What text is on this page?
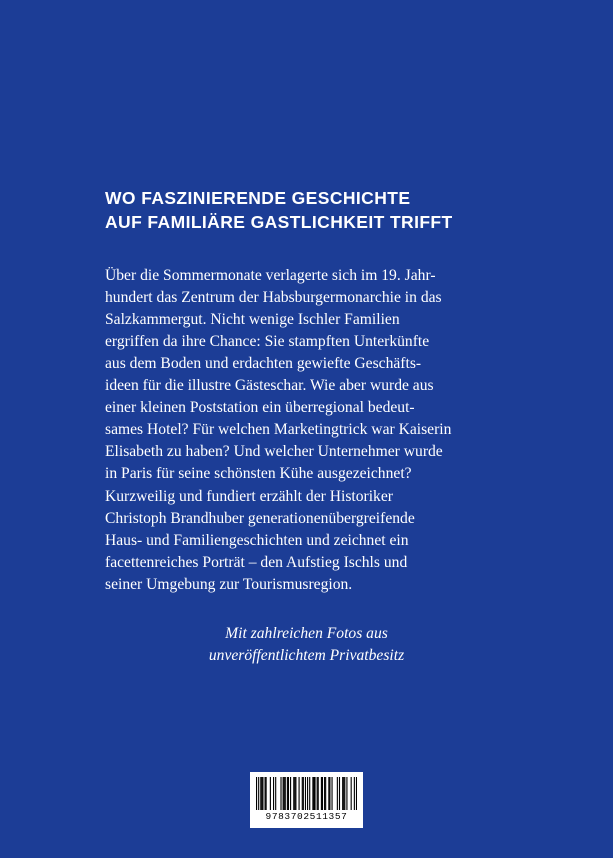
WO FASZINIERENDE GESCHICHTE
AUF FAMILIÄRE GASTLICHKEIT TRIFFT
Über die Sommermonate verlagerte sich im 19. Jahr-
hundert das Zentrum der Habsburgermonarchie in das
Salzkammergut. Nicht wenige Ischler Familien
ergriffen da ihre Chance: Sie stampften Unterkünfte
aus dem Boden und erdachten gewiefte Geschäfts-
ideen für die illustre Gästeschar. Wie aber wurde aus
einer kleinen Poststation ein überregional bedeut-
sames Hotel? Für welchen Marketingtrick war Kaiserin
Elisabeth zu haben? Und welcher Unternehmer wurde
in Paris für seine schönsten Kühe ausgezeichnet?
Kurzweilig und fundiert erzählt der Historiker
Christoph Brandhuber generationenübergreifende
Haus- und Familiengeschichten und zeichnet ein
facettenreiches Porträt – den Aufstieg Ischls und
seiner Umgebung zur Tourismusregion.
Mit zahlreichen Fotos aus
unveröffentlichtem Privatbesitz
9783702511357
